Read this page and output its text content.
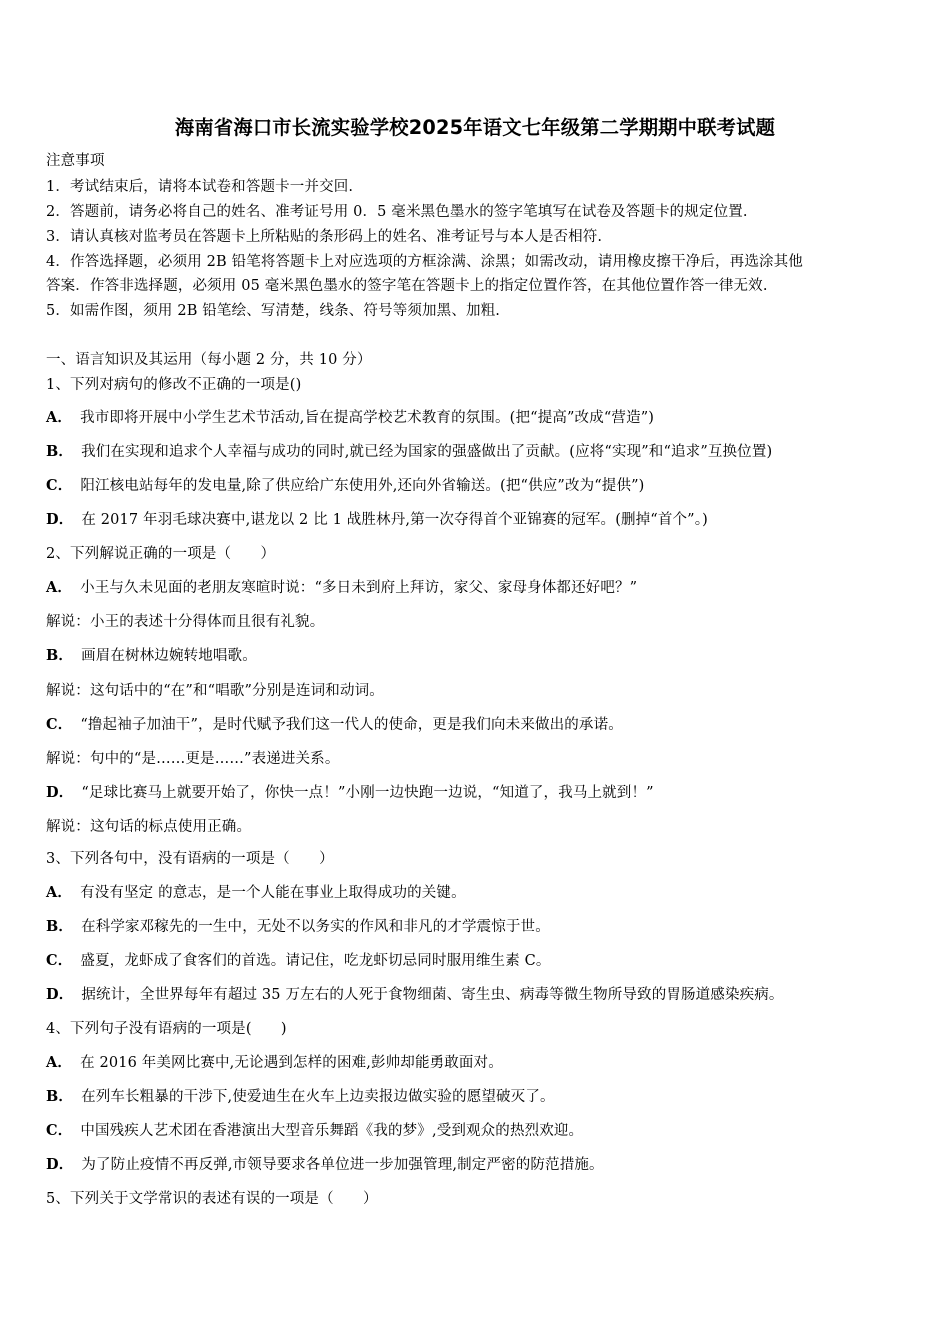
海南省海口市长流实验学校2025年语文七年级第二学期期中联考试题
注意事项
1．考试结束后，请将本试卷和答题卡一并交回.
2．答题前，请务必将自己的姓名、准考证号用 0．5 毫米黑色墨水的签字笔填写在试卷及答题卡的规定位置.
3．请认真核对监考员在答题卡上所粘贴的条形码上的姓名、准考证号与本人是否相符.
4．作答选择题，必须用 2B 铅笔将答题卡上对应选项的方框涂满、涂黑；如需改动，请用橡皮擦干净后，再选涂其他
答案．作答非选择题，必须用 05 毫米黑色墨水的签字笔在答题卡上的指定位置作答，在其他位置作答一律无效.
5．如需作图，须用 2B 铅笔绘、写清楚，线条、符号等须加黑、加粗.
一、语言知识及其运用（每小题 2 分，共 10 分）
1、下列对病句的修改不正确的一项是()
A． 我市即将开展中小学生艺术节活动,旨在提高学校艺术教育的氛围。(把“提高”改成“营造”)
B． 我们在实现和追求个人幸福与成功的同时,就已经为国家的强盛做出了贡献。(应将“实现”和“追求”互换位置)
C． 阳江核电站每年的发电量,除了供应给广东使用外,还向外省输送。(把“供应”改为“提供”)
D． 在 2017 年羽毛球决赛中,谌龙以 2 比 1 战胜林丹,第一次夺得首个亚锦赛的冠军。(删掉“首个”。)
2、下列解说正确的一项是（　　）
A． 小王与久未见面的老朋友寒暄时说：“多日未到府上拜访，家父、家母身体都还好吧？”
解说：小王的表述十分得体而且很有礼貌。
B． 画眉在树林边婉转地唱歌。
解说：这句话中的“在”和“唱歌”分别是连词和动词。
C． “撸起袖子加油干”，是时代赋予我们这一代人的使命，更是我们向未来做出的承诺。
解说：句中的“是……更是……”表递进关系。
D． “足球比赛马上就要开始了，你快一点！”小刚一边快跑一边说，“知道了，我马上就到！”
解说：这句话的标点使用正确。
3、下列各句中，没有语病的一项是（　　）
A． 有没有坚定 的意志，是一个人能在事业上取得成功的关键。
B． 在科学家邓稼先的一生中，无处不以务实的作风和非凡的才学震惊于世。
C． 盛夏，龙虾成了食客们的首选。请记住，吃龙虾切忌同时服用维生素 C。
D． 据统计，全世界每年有超过 35 万左右的人死于食物细菌、寄生虫、病毒等微生物所导致的胃肠道感染疾病。
4、下列句子没有语病的一项是(　　)
A． 在 2016 年美网比赛中,无论遇到怎样的困难,彭帅却能勇敢面对。
B． 在列车长粗暴的干涉下,使爱迪生在火车上边卖报边做实验的愿望破灭了。
C． 中国残疾人艺术团在香港演出大型音乐舞蹈《我的梦》,受到观众的热烈欢迎。
D． 为了防止疫情不再反弹,市领导要求各单位进一步加强管理,制定严密的防范措施。
5、下列关于文学常识的表述有误的一项是（　　）
